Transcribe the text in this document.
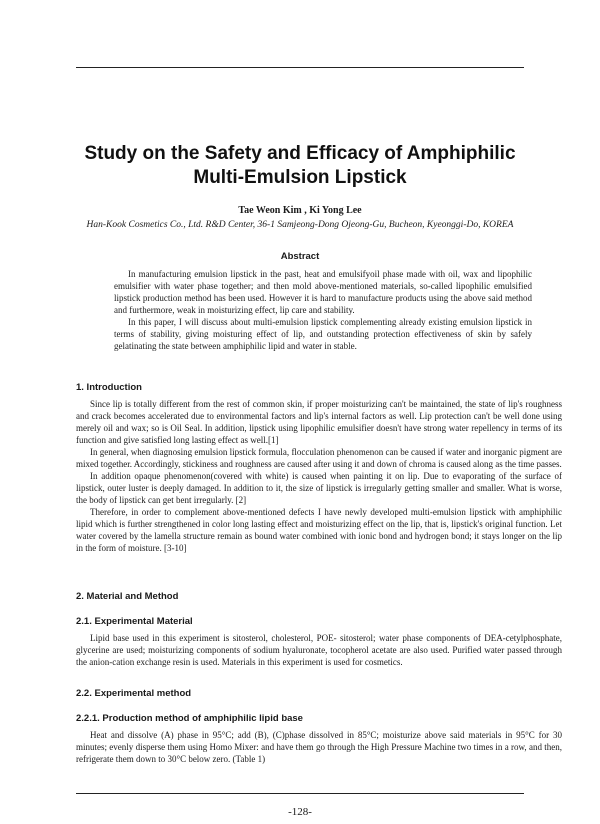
Study on the Safety and Efficacy of Amphiphilic
Multi-Emulsion Lipstick
Tae Weon Kim , Ki Yong Lee
Han-Kook Cosmetics Co., Ltd. R&D Center, 36-1 Samjeong-Dong Ojeong-Gu, Bucheon, Kyeonggi-Do, KOREA
Abstract

In manufacturing emulsion lipstick in the past, heat and emulsifyoil phase made with oil, wax and lipophilic emulsifier with water phase together; and then mold above-mentioned materials, so-called lipophilic emulsified lipstick production method has been used. However it is hard to manufacture products using the above said method and furthermore, weak in moisturizing effect, lip care and stability.

In this paper, I will discuss about multi-emulsion lipstick complementing already existing emulsion lipstick in terms of stability, giving moisturing effect of lip, and outstanding protection effectiveness of skin by safely gelatinating the state between amphiphilic lipid and water in stable.

1. Introduction

Since lip is totally different from the rest of common skin, if proper moisturizing can't be maintained, the state of lip's roughness and crack becomes accelerated due to environmental factors and lip's internal factors as well. Lip protection can't be well done using merely oil and wax; so is Oil Seal. In addition, lipstick using lipophilic emulsifier doesn't have strong water repellency in terms of its function and give satisfied long lasting effect as well.[1]

In general, when diagnosing emulsion lipstick formula, flocculation phenomenon can be caused if water and inorganic pigment are mixed together. Accordingly, stickiness and roughness are caused after using it and down of chroma is caused along as the time passes.

In addition opaque phenomenon(covered with white) is caused when painting it on lip. Due to evaporating of the surface of lipstick, outer luster is deeply damaged. In addition to it, the size of lipstick is irregularly getting smaller and smaller. What is worse, the body of lipstick can get bent irregularly. [2]

Therefore, in order to complement above-mentioned defects I have newly developed multi-emulsion lipstick with amphiphilic lipid which is further strengthened in color long lasting effect and moisturizing effect on the lip, that is, lipstick's original function. Let water covered by the lamella structure remain as bound water combined with ionic bond and hydrogen bond; it stays longer on the lip in the form of moisture. [3-10]

2. Material and Method
2.1. Experimental Material

Lipid base used in this experiment is sitosterol, cholesterol, POE- sitosterol; water phase components of DEA-cetylphosphate, glycerine are used; moisturizing components of sodium hyaluronate, tocopherol acetate are also used. Purified water passed through the anion-cation exchange resin is used. Materials in this experiment is used for cosmetics.

2.2. Experimental method
2.2.1. Production method of amphiphilic lipid base

Heat and dissolve (A) phase in 95°C; add (B), (C)phase dissolved in 85°C; moisturize above said materials in 95°C for 30 minutes; evenly disperse them using Homo Mixer: and have them go through the High Pressure Machine two times in a row, and then, refrigerate them down to 30°C below zero. (Table 1)

-128-
